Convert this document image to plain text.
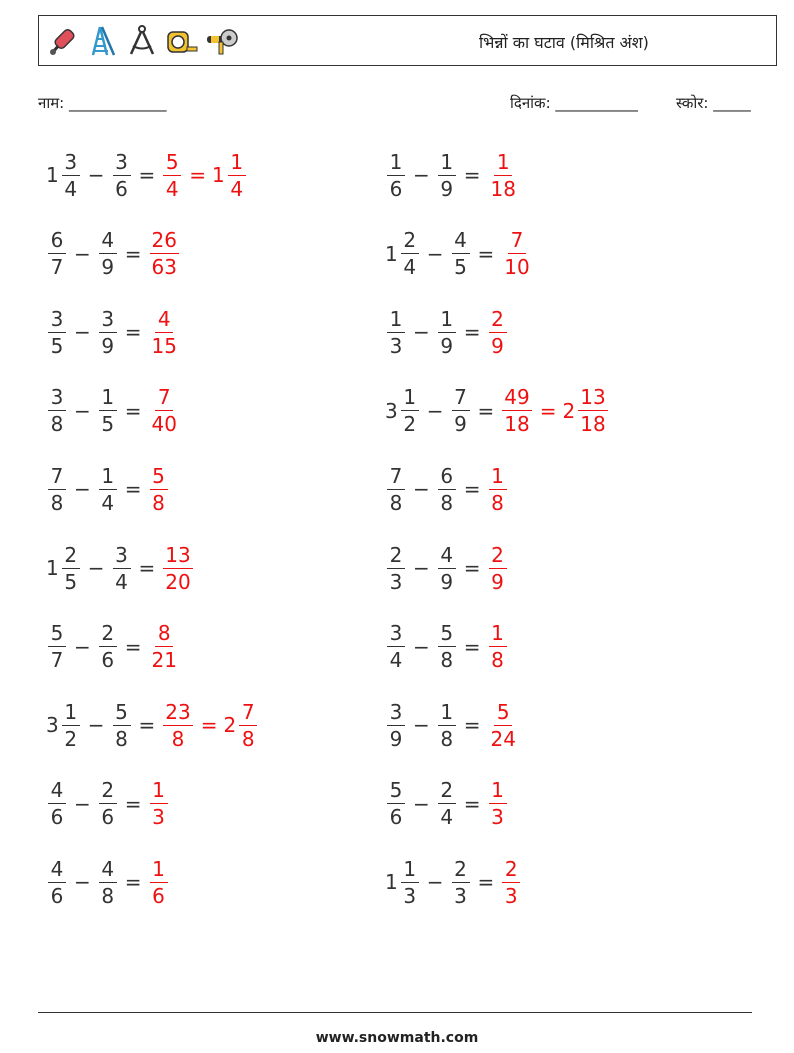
भिन्नों का घटाव (मिश्रित अंश)
नाम: _____________	दिनांक: ___________	स्कोर: _____
$1 \frac{3}{4} - \frac{3}{6} = \frac{5}{4} = 1 \frac{1}{4}$
$\frac{6}{7} - \frac{4}{9} = \frac{26}{63}$
$\frac{3}{5} - \frac{3}{9} = \frac{4}{15}$
$\frac{3}{8} - \frac{1}{5} = \frac{7}{40}$
$\frac{7}{8} - \frac{1}{4} = \frac{5}{8}$
$1 \frac{2}{5} - \frac{3}{4} = \frac{13}{20}$
$\frac{5}{7} - \frac{2}{6} = \frac{8}{21}$
$3 \frac{1}{2} - \frac{5}{8} = \frac{23}{8} = 2 \frac{7}{8}$
$\frac{4}{6} - \frac{2}{6} = \frac{1}{3}$
$\frac{4}{6} - \frac{4}{8} = \frac{1}{6}$
$\frac{1}{6} - \frac{1}{9} = \frac{1}{18}$
$1 \frac{2}{4} - \frac{4}{5} = \frac{7}{10}$
$\frac{1}{3} - \frac{1}{9} = \frac{2}{9}$
$3 \frac{1}{2} - \frac{7}{9} = \frac{49}{18} = 2 \frac{13}{18}$
$\frac{7}{8} - \frac{6}{8} = \frac{1}{8}$
$\frac{2}{3} - \frac{4}{9} = \frac{2}{9}$
$\frac{3}{4} - \frac{5}{8} = \frac{1}{8}$
$\frac{3}{9} - \frac{1}{8} = \frac{5}{24}$
$\frac{5}{6} - \frac{2}{4} = \frac{1}{3}$
$1 \frac{1}{3} - \frac{2}{3} = \frac{2}{3}$
www.snowmath.com
